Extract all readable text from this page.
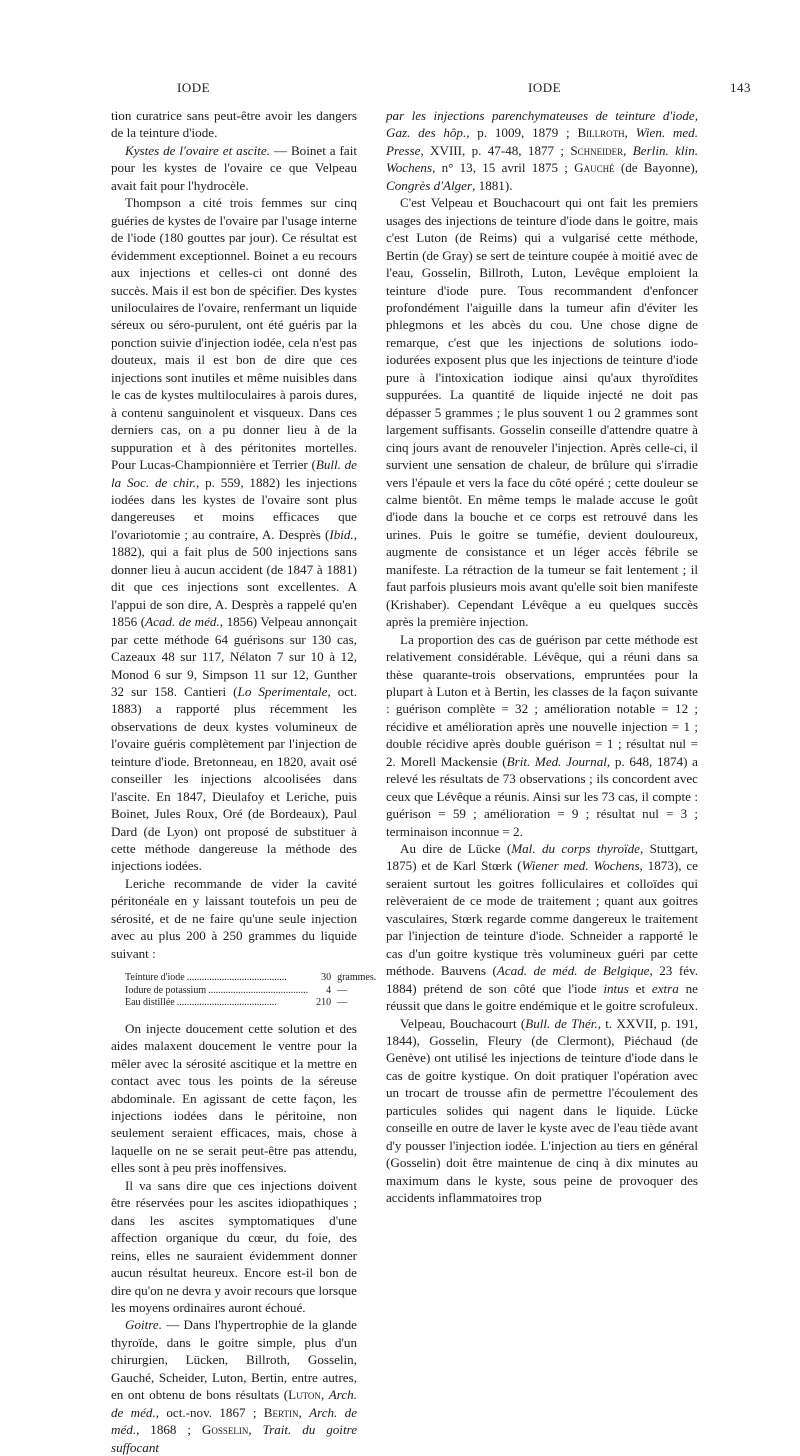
IODE	IODE	143

tion curatrice sans peut-être avoir les dangers de la teinture d'iode.

Kystes de l'ovaire et ascite. — Boinet a fait pour les kystes de l'ovaire ce que Velpeau avait fait pour l'hydrocèle.

Thompson a cité trois femmes sur cinq guéries de kystes de l'ovaire par l'usage interne de l'iode (180 gouttes par jour). Ce résultat est évidemment exceptionnel. Boinet a eu recours aux injections et celles-ci ont donné des succès. Mais il est bon de spécifier. Des kystes uniloculaires de l'ovaire, renfermant un liquide séreux ou séro-purulent, ont été guéris par la ponction suivie d'injection iodée, cela n'est pas douteux, mais il est bon de dire que ces injections sont inutiles et même nuisibles dans le cas de kystes multiloculaires à parois dures, à contenu sanguinolent et visqueux. Dans ces derniers cas, on a pu donner lieu à de la suppuration et à des péritonites mortelles. Pour Lucas-Championnière et Terrier (Bull. de la Soc. de chir., p. 559, 1882) les injections iodées dans les kystes de l'ovaire sont plus dangereuses et moins efficaces que l'ovariotomie ; au contraire, A. Desprès (Ibid., 1882), qui a fait plus de 500 injections sans donner lieu à aucun accident (de 1847 à 1881) dit que ces injections sont excellentes. A l'appui de son dire, A. Desprès a rappelé qu'en 1856 (Acad. de méd., 1856) Velpeau annonçait par cette méthode 64 guérisons sur 130 cas, Cazeaux 48 sur 117, Nélaton 7 sur 10 à 12, Monod 6 sur 9, Simpson 11 sur 12, Gunther 32 sur 158. Cantieri (Lo Sperimentale, oct. 1883) a rapporté plus récemment les observations de deux kystes volumineux de l'ovaire guéris complètement par l'injection de teinture d'iode. Bretonneau, en 1820, avait osé conseiller les injections alcoolisées dans l'ascite. En 1847, Dieulafoy et Leriche, puis Boinet, Jules Roux, Oré (de Bordeaux), Paul Dard (de Lyon) ont proposé de substituer à cette méthode dangereuse la méthode des injections iodées.

Leriche recommande de vider la cavité péritonéale en y laissant toutefois un peu de sérosité, et de ne faire qu'une seule injection avec au plus 200 à 250 grammes du liquide suivant :

Teinture d'iode ........................................	30	grammes.
Iodure de potassium ........................................	4	—
Eau distillée ........................................	210	—

On injecte doucement cette solution et des aides malaxent doucement le ventre pour la mêler avec la sérosité ascitique et la mettre en contact avec tous les points de la séreuse abdominale. En agissant de cette façon, les injections iodées dans le péritoine, non seulement seraient efficaces, mais, chose à laquelle on ne se serait peut-être pas attendu, elles sont à peu près inoffensives.

Il va sans dire que ces injections doivent être réservées pour les ascites idiopathiques ; dans les ascites symptomatiques d'une affection organique du cœur, du foie, des reins, elles ne sauraient évidemment donner aucun résultat heureux. Encore est-il bon de dire qu'on ne devra y avoir recours que lorsque les moyens ordinaires auront échoué.

Goitre. — Dans l'hypertrophie de la glande thyroïde, dans le goitre simple, plus d'un chirurgien, Lücken, Billroth, Gosselin, Gauché, Scheider, Luton, Bertin, entre autres, en ont obtenu de bons résultats (Luton, Arch. de méd., oct.-nov. 1867 ; Bertin, Arch. de méd., 1868 ; Gosselin, Trait. du goitre suffocant

par les injections parenchymateuses de teinture d'iode, Gaz. des hôp., p. 1009, 1879 ; Billroth, Wien. med. Presse, XVIII, p. 47-48, 1877 ; Schneider, Berlin. klin. Wochens, n° 13, 15 avril 1875 ; Gauché (de Bayonne), Congrès d'Alger, 1881).

C'est Velpeau et Bouchacourt qui ont fait les premiers usages des injections de teinture d'iode dans le goitre, mais c'est Luton (de Reims) qui a vulgarisé cette méthode, Bertin (de Gray) se sert de teinture coupée à moitié avec de l'eau, Gosselin, Billroth, Luton, Levêque emploient la teinture d'iode pure. Tous recommandent d'enfoncer profondément l'aiguille dans la tumeur afin d'éviter les phlegmons et les abcès du cou. Une chose digne de remarque, c'est que les injections de solutions iodo-iodurées exposent plus que les injections de teinture d'iode pure à l'intoxication iodique ainsi qu'aux thyroïdites suppurées. La quantité de liquide injecté ne doit pas dépasser 5 grammes ; le plus souvent 1 ou 2 grammes sont largement suffisants. Gosselin conseille d'attendre quatre à cinq jours avant de renouveler l'injection. Après celle-ci, il survient une sensation de chaleur, de brûlure qui s'irradie vers l'épaule et vers la face du côté opéré ; cette douleur se calme bientôt. En même temps le malade accuse le goût d'iode dans la bouche et ce corps est retrouvé dans les urines. Puis le goitre se tuméfie, devient douloureux, augmente de consistance et un léger accès fébrile se manifeste. La rétraction de la tumeur se fait lentement ; il faut parfois plusieurs mois avant qu'elle soit bien manifeste (Krishaber). Cependant Lévêque a eu quelques succès après la première injection.

La proportion des cas de guérison par cette méthode est relativement considérable. Lévêque, qui a réuni dans sa thèse quarante-trois observations, empruntées pour la plupart à Luton et à Bertin, les classes de la façon suivante : guérison complète = 32 ; amélioration notable = 12 ; récidive et amélioration après une nouvelle injection = 1 ; double récidive après double guérison = 1 ; résultat nul = 2. Morell Mackensie (Brit. Med. Journal, p. 648, 1874) a relevé les résultats de 73 observations ; ils concordent avec ceux que Lévêque a réunis. Ainsi sur les 73 cas, il compte : guérison = 59 ; amélioration = 9 ; résultat nul = 3 ; terminaison inconnue = 2.

Au dire de Lücke (Mal. du corps thyroïde, Stuttgart, 1875) et de Karl Stœrk (Wiener med. Wochens, 1873), ce seraient surtout les goitres folliculaires et colloïdes qui relèveraient de ce mode de traitement ; quant aux goitres vasculaires, Stœrk regarde comme dangereux le traitement par l'injection de teinture d'iode. Schneider a rapporté le cas d'un goitre kystique très volumineux guéri par cette méthode. Bauvens (Acad. de méd. de Belgique, 23 fév. 1884) prétend de son côté que l'iode intus et extra ne réussit que dans le goitre endémique et le goitre scrofuleux.

Velpeau, Bouchacourt (Bull. de Thér., t. XXVII, p. 191, 1844), Gosselin, Fleury (de Clermont), Piéchaud (de Genève) ont utilisé les injections de teinture d'iode dans le cas de goitre kystique. On doit pratiquer l'opération avec un trocart de trousse afin de permettre l'écoulement des particules solides qui nagent dans le liquide. Lücke conseille en outre de laver le kyste avec de l'eau tiède avant d'y pousser l'injection iodée. L'injection au tiers en général (Gosselin) doit être maintenue de cinq à dix minutes au maximum dans le kyste, sous peine de provoquer des accidents inflammatoires trop
